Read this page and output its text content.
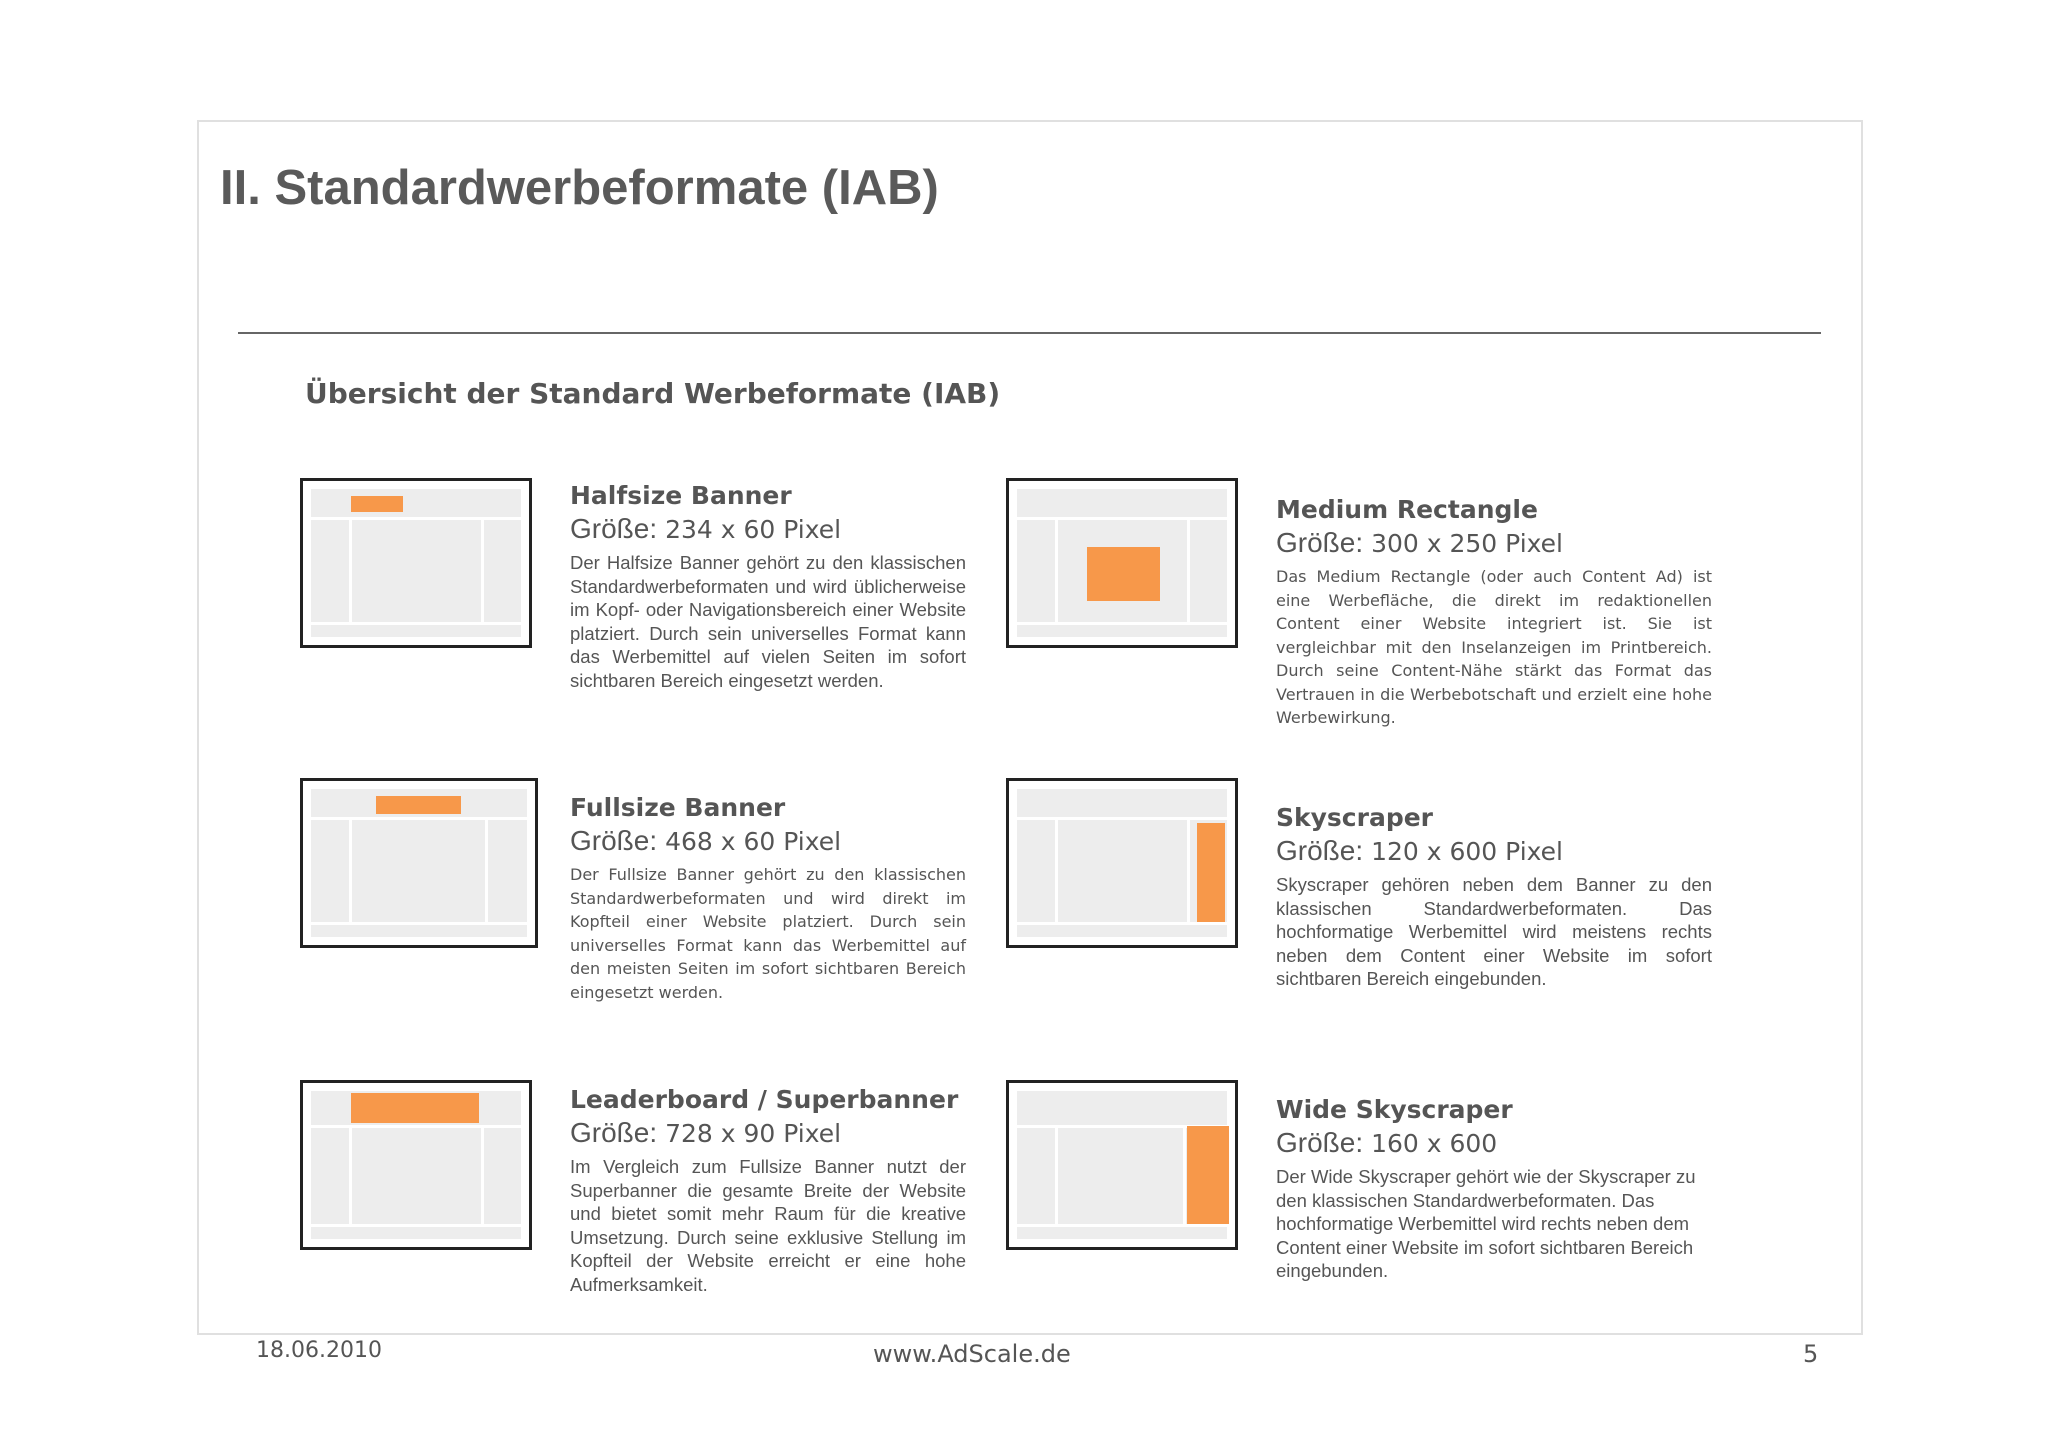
II. Standardwerbeformate (IAB)
Übersicht der Standard Werbeformate (IAB)

Halfsize Banner

Größe: 234 x 60 Pixel

Der Halfsize Banner gehört zu den klassischen Standardwerbeformaten und wird üblicherweise im Kopf- oder Navigationsbereich einer Website platziert. Durch sein universelles Format kann das Werbemittel auf vielen Seiten im sofort sichtbaren Bereich eingesetzt werden.

Medium Rectangle

Größe: 300 x 250 Pixel

Das Medium Rectangle (oder auch Content Ad) ist eine Werbefläche, die direkt im redaktionellen Content einer Website integriert ist. Sie ist vergleichbar mit den Inselanzeigen im Printbereich. Durch seine Content-Nähe stärkt das Format das Vertrauen in die Werbebotschaft und erzielt eine hohe Werbewirkung.

Fullsize Banner

Größe: 468 x 60 Pixel

Der Fullsize Banner gehört zu den klassischen Standardwerbeformaten und wird direkt im Kopfteil einer Website platziert. Durch sein universelles Format kann das Werbemittel auf den meisten Seiten im sofort sichtbaren Bereich eingesetzt werden.

Skyscraper

Größe: 120 x 600 Pixel

Skyscraper gehören neben dem Banner zu den klassischen Standardwerbeformaten. Das hochformatige Werbemittel wird meistens rechts neben dem Content einer Website im sofort sichtbaren Bereich eingebunden.

Leaderboard / Superbanner

Größe: 728 x 90 Pixel

Im Vergleich zum Fullsize Banner nutzt der Superbanner die gesamte Breite der Website und bietet somit mehr Raum für die kreative Umsetzung. Durch seine exklusive Stellung im Kopfteil der Website erreicht er eine hohe Aufmerksamkeit.

Wide Skyscraper

Größe: 160 x 600

Der Wide Skyscraper gehört wie der Skyscraper zu den klassischen Standardwerbeformaten. Das hochformatige Werbemittel wird rechts neben dem Content einer Website im sofort sichtbaren Bereich eingebunden.

18.06.2010	www.AdScale.de	5
